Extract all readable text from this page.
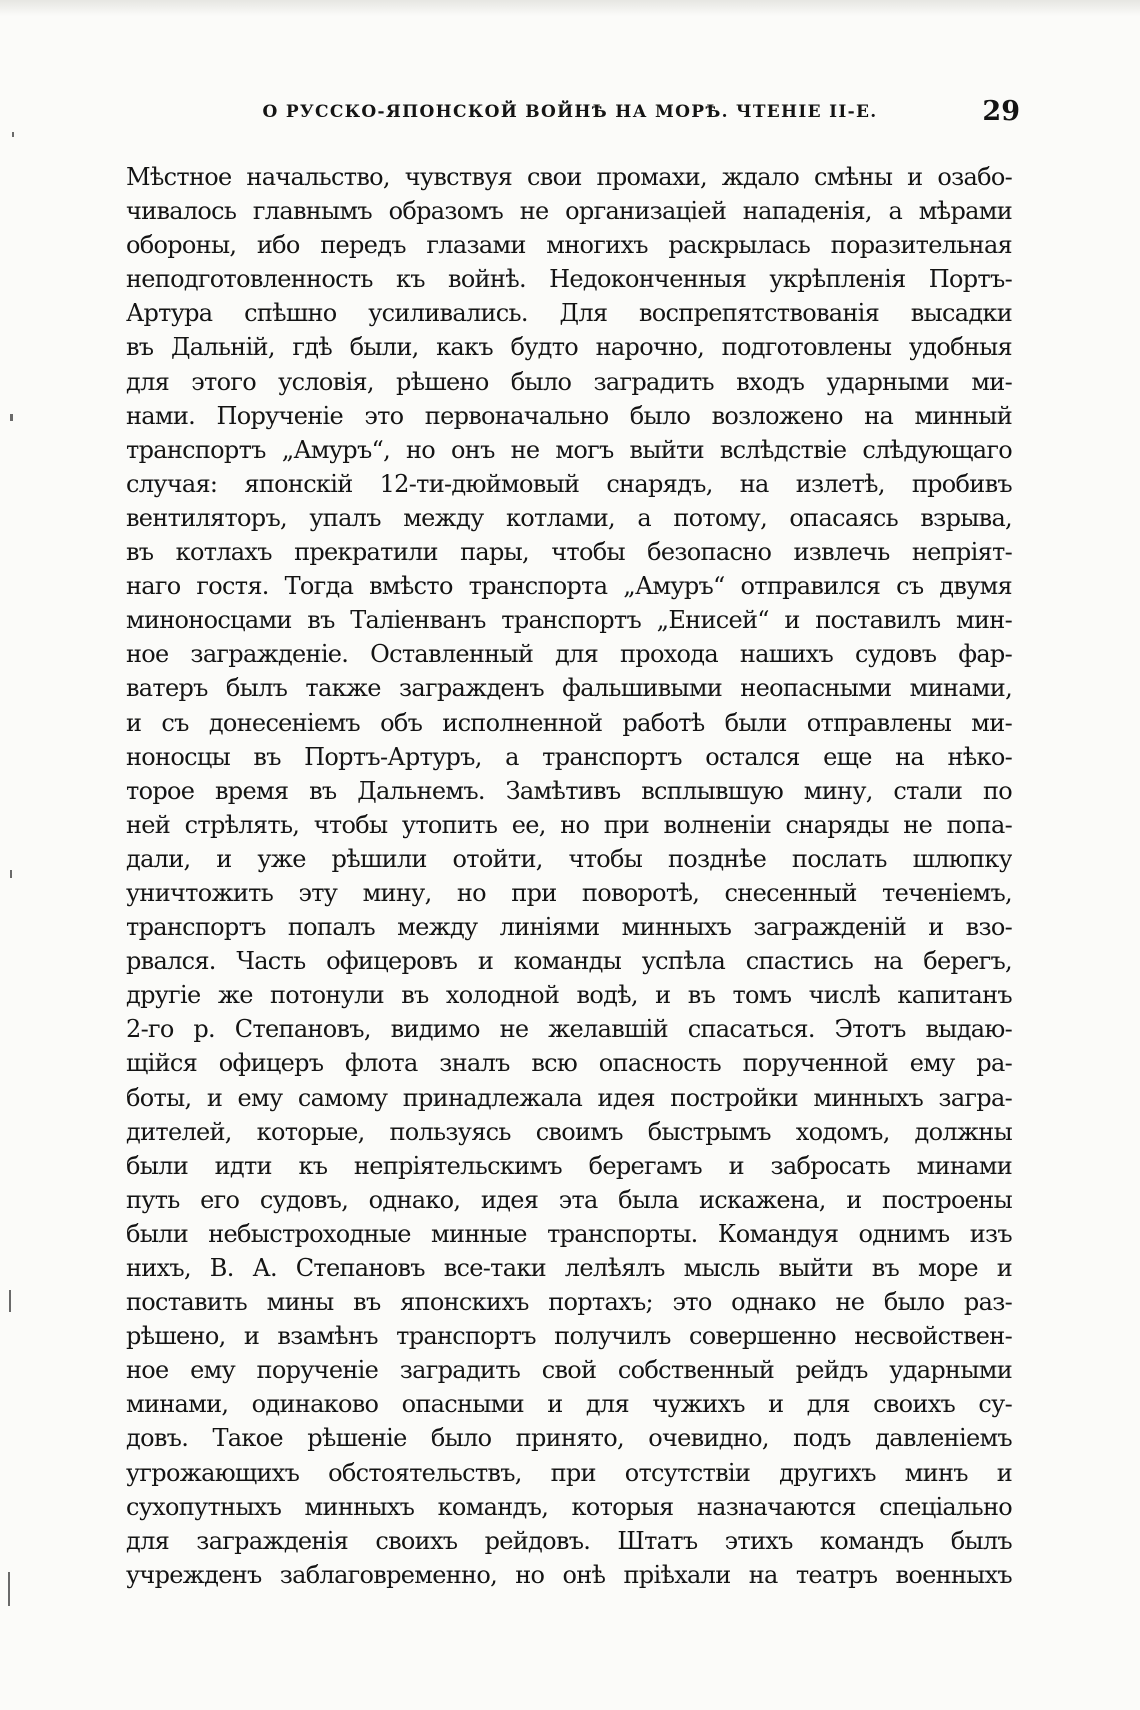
О РУССКО-ЯПОНСКОЙ ВОЙНѢ НА МОРѢ. ЧТЕНІЕ II-Е.	29
Мѣстное начальство, чувствуя свои промахи, ждало смѣны и озабо-
чивалось главнымъ образомъ не организацiей нападенiя, а мѣрами
обороны, ибо передъ глазами многихъ раскрылась поразительная
неподготовленность къ войнѣ. Недоконченныя укрѣпленiя Портъ-
Артура спѣшно усиливались. Для воспрепятствованiя высадки
въ Дальнiй, гдѣ были, какъ будто нарочно, подготовлены удобныя
для этого условiя, рѣшено было заградить входъ ударными ми-
нами. Порученiе это первоначально было возложено на минный
транспортъ „Амуръ“, но онъ не могъ выйти вслѣдствiе слѣдующаго
случая: японскiй 12-ти-дюймовый снарядъ, на излетѣ, пробивъ
вентиляторъ, упалъ между котлами, а потому, опасаясь взрыва,
въ котлахъ прекратили пары, чтобы безопасно извлечь непрiят-
наго гостя. Тогда вмѣсто транспорта „Амуръ“ отправился съ двумя
миноносцами въ Талiенванъ транспортъ „Енисей“ и поставилъ мин-
ное загражденiе. Оставленный для прохода нашихъ судовъ фар-
ватеръ былъ также загражденъ фальшивыми неопасными минами,
и съ донесенiемъ объ исполненной работѣ были отправлены ми-
ноносцы въ Портъ-Артуръ, а транспортъ остался еще на нѣко-
торое время въ Дальнемъ. Замѣтивъ всплывшую мину, стали по
ней стрѣлять, чтобы утопить ее, но при волненiи снаряды не попа-
дали, и уже рѣшили отойти, чтобы позднѣе послать шлюпку
уничтожить эту мину, но при поворотѣ, снесенный теченiемъ,
транспортъ попалъ между линiями минныхъ загражденiй и взо-
рвался. Часть офицеровъ и команды успѣла спастись на берегъ,
другiе же потонули въ холодной водѣ, и въ томъ числѣ капитанъ
2-го р. Степановъ, видимо не желавшiй спасаться. Этотъ выдаю-
щiйся офицеръ флота зналъ всю опасность порученной ему ра-
боты, и ему самому принадлежала идея постройки минныхъ загра-
дителей, которые, пользуясь своимъ быстрымъ ходомъ, должны
были идти къ непрiятельскимъ берегамъ и забросать минами
путь его судовъ, однако, идея эта была искажена, и построены
были небыстроходные минные транспорты. Командуя однимъ изъ
нихъ, В. А. Степановъ все-таки лелѣялъ мысль выйти въ море и
поставить мины въ японскихъ портахъ; это однако не было раз-
рѣшено, и взамѣнъ транспортъ получилъ совершенно несвойствен-
ное ему порученiе заградить свой собственный рейдъ ударными
минами, одинаково опасными и для чужихъ и для своихъ су-
довъ. Такое рѣшенiе было принято, очевидно, подъ давленiемъ
угрожающихъ обстоятельствъ, при отсутствiи другихъ минъ и
сухопутныхъ минныхъ командъ, которыя назначаются спецiально
для загражденiя своихъ рейдовъ. Штатъ этихъ командъ былъ
учрежденъ заблаговременно, но онѣ прiѣхали на театръ военныхъ
